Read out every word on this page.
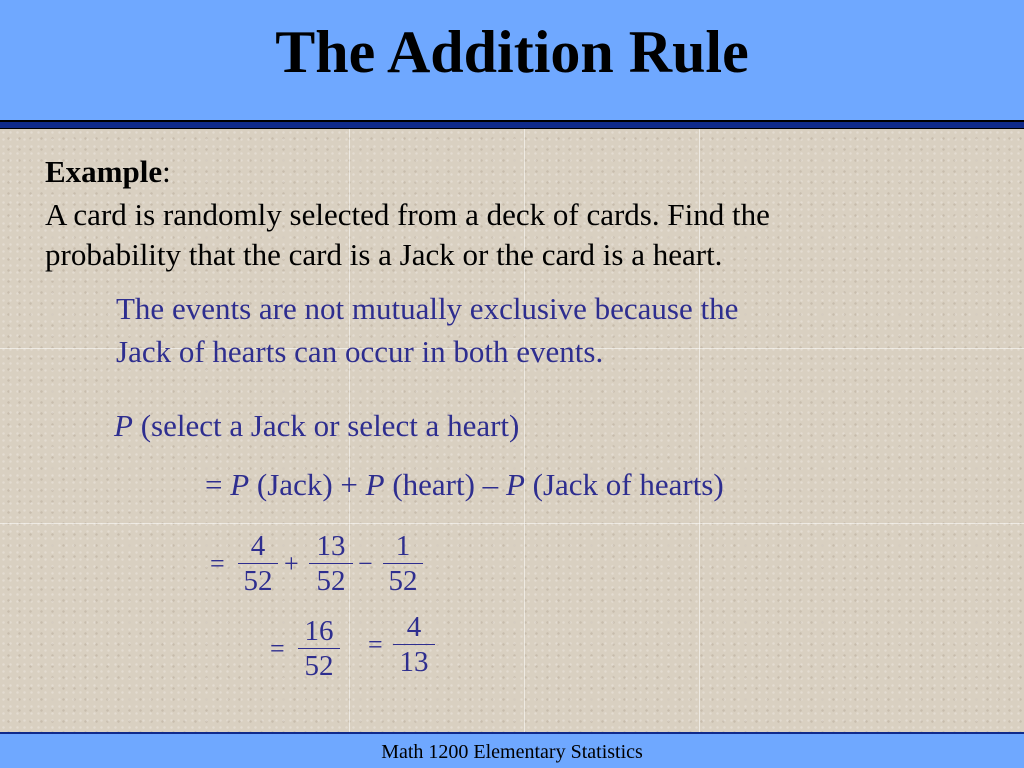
The Addition Rule
Example:
A card is randomly selected from a deck of cards. Find the
probability that the card is a Jack or the card is a heart.
The events are not mutually exclusive because the
Jack of hearts can occur in both events.
P (select a Jack or select a heart)
= P (Jack) + P (heart) – P (Jack of hearts)
=
4
52
+
13
52
−
1
52
=
16
52
=
4
13
Math 1200 Elementary Statistics
